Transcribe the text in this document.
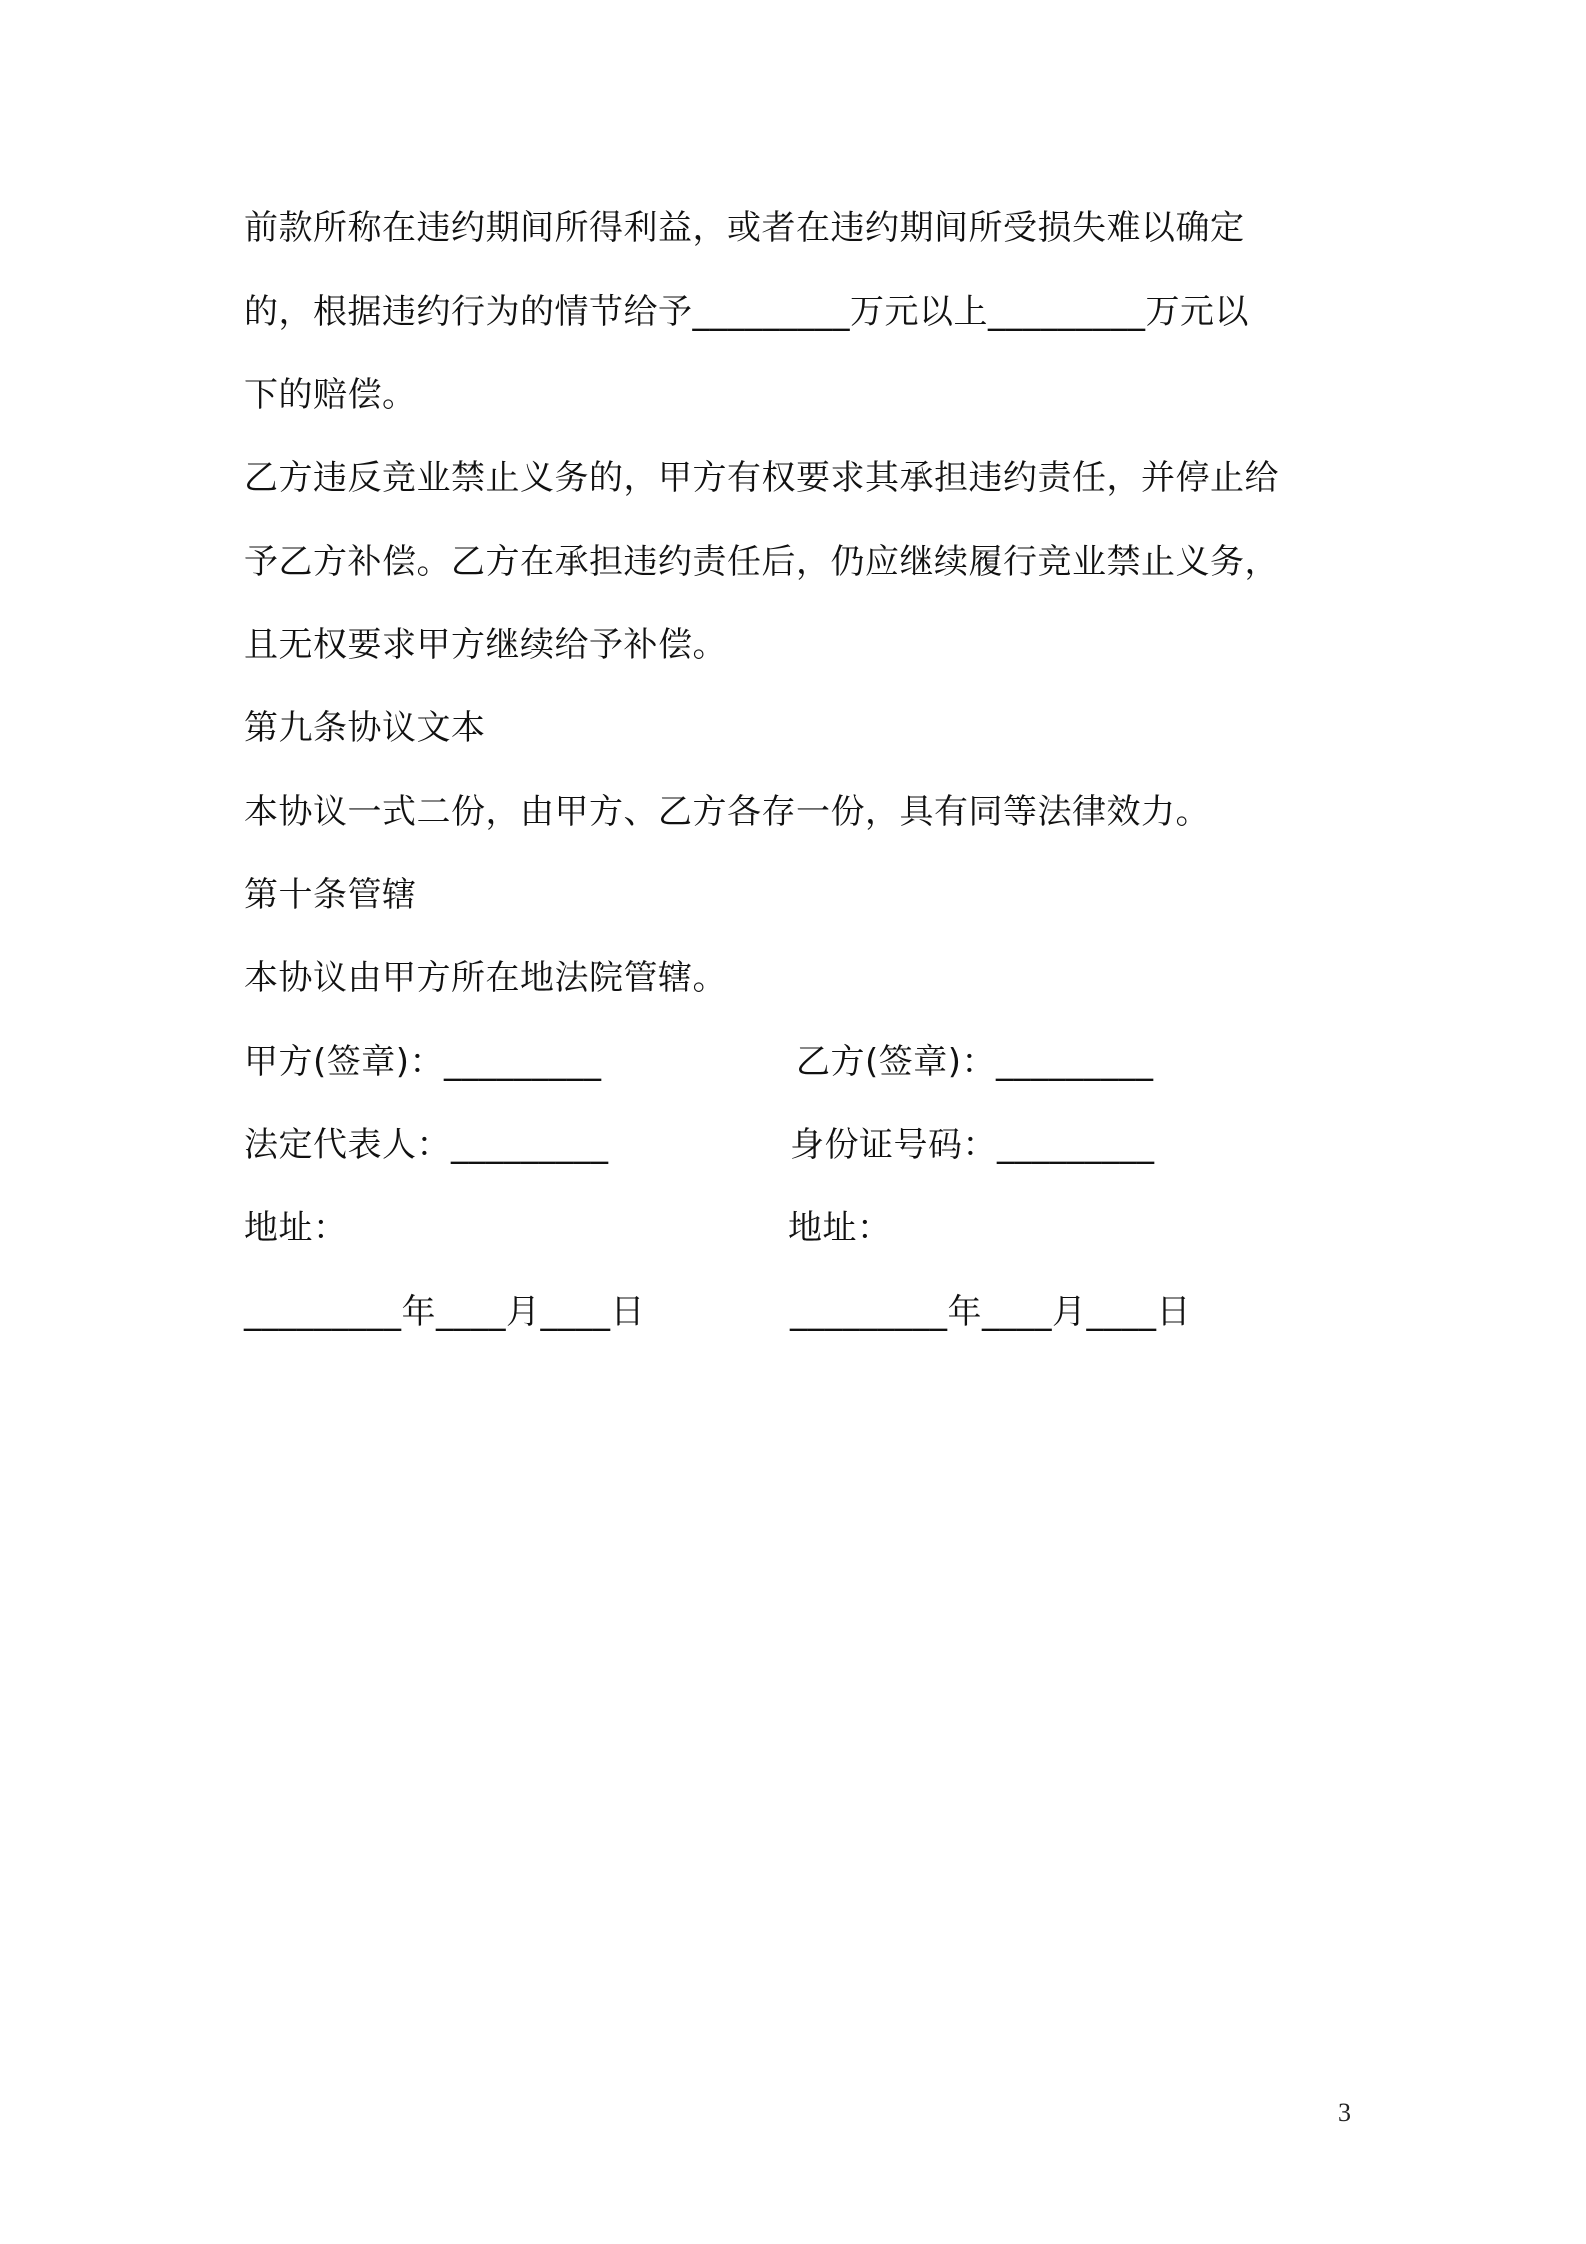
前款所称在违约期间所得利益，或者在违约期间所受损失难以确定
的，根据违约行为的情节给予_________万元以上_________万元以
下的赔偿。
乙方违反竞业禁止义务的，甲方有权要求其承担违约责任，并停止给
予乙方补偿。乙方在承担违约责任后，仍应继续履行竞业禁止义务，
且无权要求甲方继续给予补偿。
第九条协议文本
本协议一式二份，由甲方、乙方各存一份，具有同等法律效力。
第十条管辖
本协议由甲方所在地法院管辖。
甲方(签章)：_________	乙方(签章)：_________
法定代表人：_________	身份证号码：_________
地址：	地址：
_________年____月____日	_________年____月____日
3
